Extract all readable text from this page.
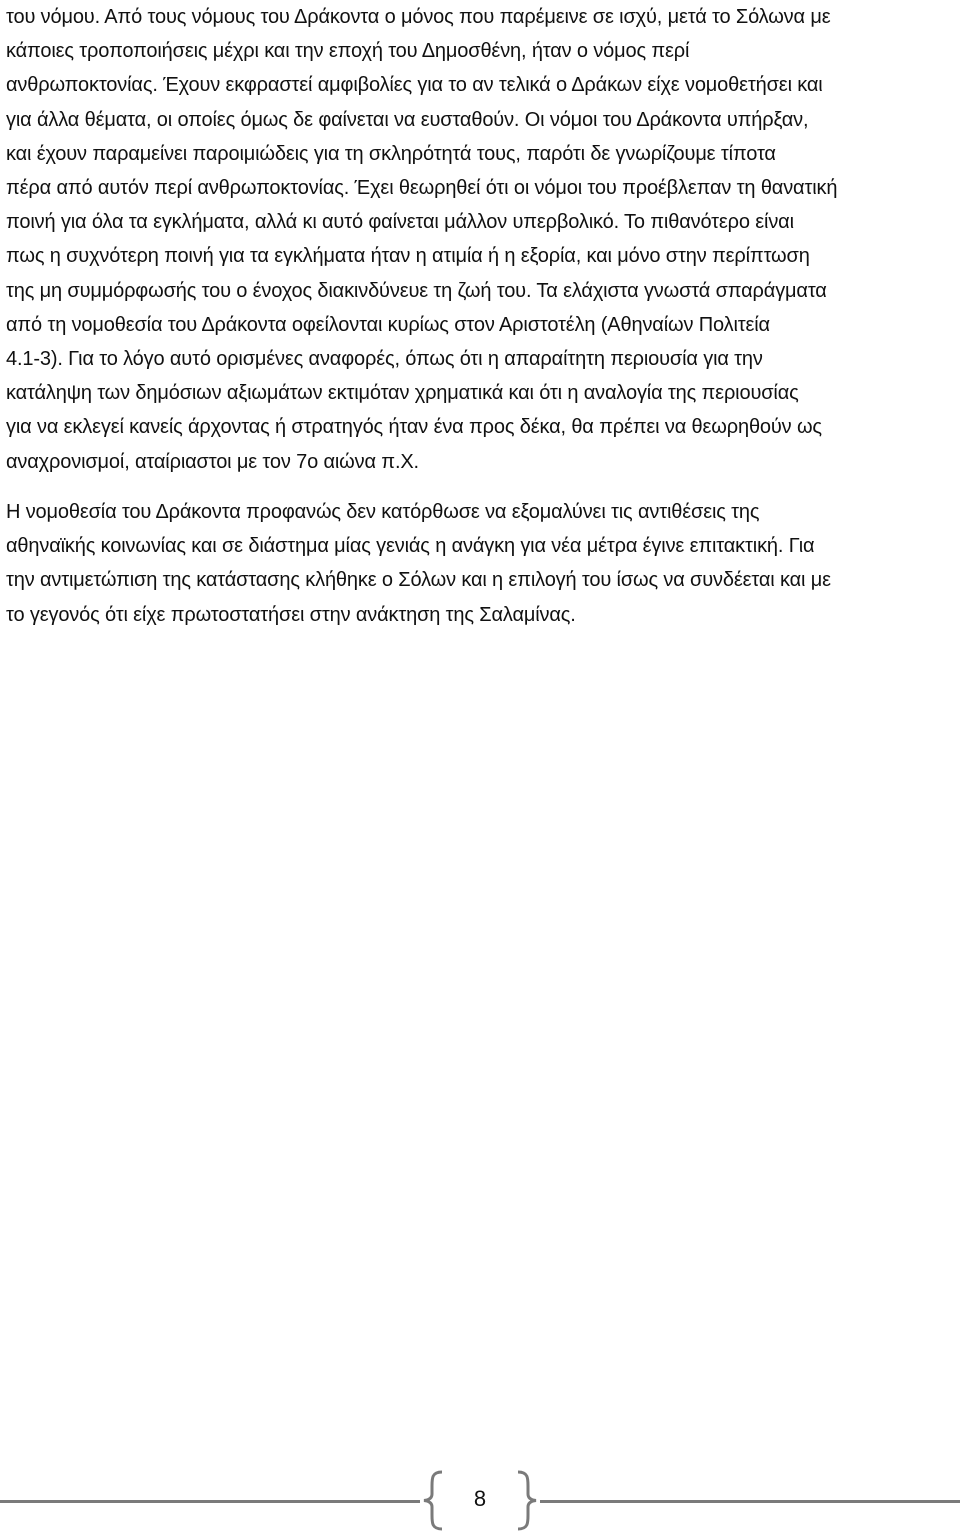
του νόμου. Από τους νόμους του Δράκοντα ο μόνος που παρέμεινε σε ισχύ, μετά το Σόλωνα με
κάποιες τροποποιήσεις μέχρι και την εποχή του Δημοσθένη, ήταν ο νόμος περί
ανθρωποκτονίας. Έχουν εκφραστεί αμφιβολίες για το αν τελικά ο Δράκων είχε νομοθετήσει και
για άλλα θέματα, οι οποίες όμως δε φαίνεται να ευσταθούν. Οι νόμοι του Δράκοντα υπήρξαν,
και έχουν παραμείνει παροιμιώδεις για τη σκληρότητά τους, παρότι δε γνωρίζουμε τίποτα
πέρα από αυτόν περί ανθρωποκτονίας. Έχει θεωρηθεί ότι οι νόμοι του προέβλεπαν τη θανατική
ποινή για όλα τα εγκλήματα, αλλά κι αυτό φαίνεται μάλλον υπερβολικό. Το πιθανότερο είναι
πως η συχνότερη ποινή για τα εγκλήματα ήταν η ατιμία ή η εξορία, και μόνο στην περίπτωση
της μη συμμόρφωσής του ο ένοχος διακινδύνευε τη ζωή του. Τα ελάχιστα γνωστά σπαράγματα
από τη νομοθεσία του Δράκοντα οφείλονται κυρίως στον Αριστοτέλη (Αθηναίων Πολιτεία
4.1-3). Για το λόγο αυτό ορισμένες αναφορές, όπως ότι η απαραίτητη περιουσία για την
κατάληψη των δημόσιων αξιωμάτων εκτιμόταν χρηματικά και ότι η αναλογία της περιουσίας
για να εκλεγεί κανείς άρχοντας ή στρατηγός ήταν ένα προς δέκα, θα πρέπει να θεωρηθούν ως
αναχρονισμοί, αταίριαστοι με τον 7ο αιώνα π.Χ.

Η νομοθεσία του Δράκοντα προφανώς δεν κατόρθωσε να εξομαλύνει τις αντιθέσεις της
αθηναϊκής κοινωνίας και σε διάστημα μίας γενιάς η ανάγκη για νέα μέτρα έγινε επιτακτική. Για
την αντιμετώπιση της κατάστασης κλήθηκε ο Σόλων και η επιλογή του ίσως να συνδέεται και με
το γεγονός ότι είχε πρωτοστατήσει στην ανάκτηση της Σαλαμίνας.

8
